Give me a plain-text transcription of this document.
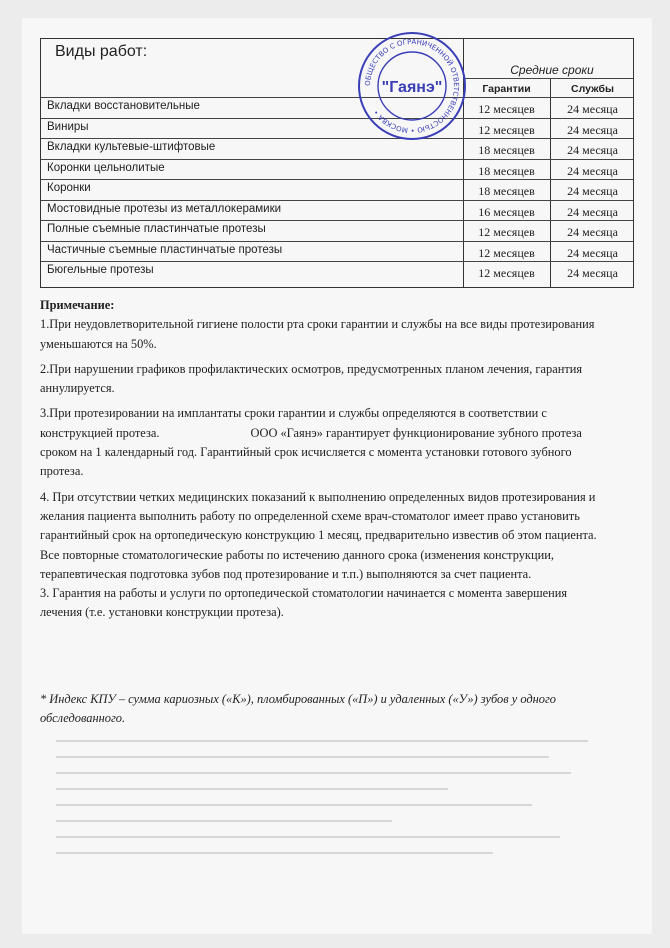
Виды работ:
Средние сроки
Гарантии	Службы
Вкладки восстановительные	12 месяцев	24 месяца
Виниры	12 месяцев	24 месяца
Вкладки культевые-штифтовые	18 месяцев	24 месяца
Коронки цельнолитые	18 месяцев	24 месяца
Коронки	18 месяцев	24 месяца
Мостовидные протезы из металлокерамики	16 месяцев	24 месяца
Полные съемные пластинчатые протезы	12 месяцев	24 месяца
Частичные съемные пластинчатые протезы	12 месяцев	24 месяца
Бюгельные протезы	12 месяцев	24 месяца
ОБЩЕСТВО С ОГРАНИЧЕННОЙ ОТВЕТСТВЕННОСТЬЮ • МОСКВА •
"Гаянэ"

Примечание:

1.При неудовлетворительной гигиене полости рта сроки гарантии и службы на все виды протезирования уменьшаются на 50%.

2.При нарушении графиков профилактических осмотров, предусмотренных планом лечения, гарантия аннулируется.

3.При протезировании на имплантаты сроки гарантии и службы определяются в соответствии с конструкцией протеза.	ООО «Гаянэ» гарантирует функционирование зубного протеза сроком на 1 календарный год. Гарантийный срок исчисляется с момента установки готового зубного протеза.

4. При отсутствии четких медицинских показаний к выполнению определенных видов протезирования и желания пациента выполнить работу по определенной схеме врач-стоматолог имеет право установить гарантийный срок на ортопедическую конструкцию 1 месяц, предварительно известив об этом пациента. Все повторные стоматологические работы по истечению данного срока (изменения конструкции, терапевтическая подготовка зубов под протезирование и т.п.) выполняются за счет пациента.

3. Гарантия на работы и услуги по ортопедической стоматологии начинается с момента завершения лечения (т.е. установки конструкции протеза).

* Индекс КПУ – сумма кариозных («К»), пломбированных («П») и удаленных («У») зубов у одного обследованного.
